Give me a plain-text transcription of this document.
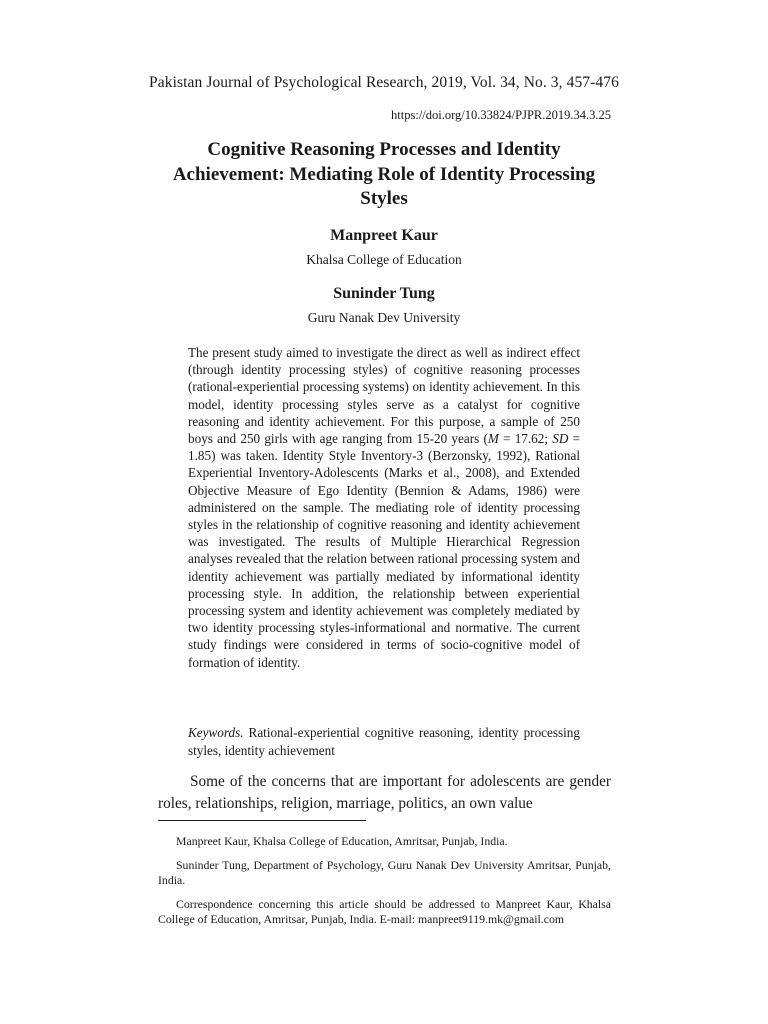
Pakistan Journal of Psychological Research, 2019, Vol. 34, No. 3, 457-476
https://doi.org/10.33824/PJPR.2019.34.3.25
Cognitive Reasoning Processes and Identity Achievement: Mediating Role of Identity Processing Styles
Manpreet Kaur
Khalsa College of Education
Suninder Tung
Guru Nanak Dev University
The present study aimed to investigate the direct as well as indirect effect (through identity processing styles) of cognitive reasoning processes (rational-experiential processing systems) on identity achievement. In this model, identity processing styles serve as a catalyst for cognitive reasoning and identity achievement. For this purpose, a sample of 250 boys and 250 girls with age ranging from 15-20 years (M = 17.62; SD = 1.85) was taken. Identity Style Inventory-3 (Berzonsky, 1992), Rational Experiential Inventory-Adolescents (Marks et al., 2008), and Extended Objective Measure of Ego Identity (Bennion & Adams, 1986) were administered on the sample. The mediating role of identity processing styles in the relationship of cognitive reasoning and identity achievement was investigated. The results of Multiple Hierarchical Regression analyses revealed that the relation between rational processing system and identity achievement was partially mediated by informational identity processing style. In addition, the relationship between experiential processing system and identity achievement was completely mediated by two identity processing styles-informational and normative. The current study findings were considered in terms of socio-cognitive model of formation of identity.
Keywords. Rational-experiential cognitive reasoning, identity processing styles, identity achievement
Some of the concerns that are important for adolescents are gender roles, relationships, religion, marriage, politics, an own value

Manpreet Kaur, Khalsa College of Education, Amritsar, Punjab, India.

Suninder Tung, Department of Psychology, Guru Nanak Dev University Amritsar, Punjab, India.

Correspondence concerning this article should be addressed to Manpreet Kaur, Khalsa College of Education, Amritsar, Punjab, India. E-mail: manpreet9119.mk@gmail.com
